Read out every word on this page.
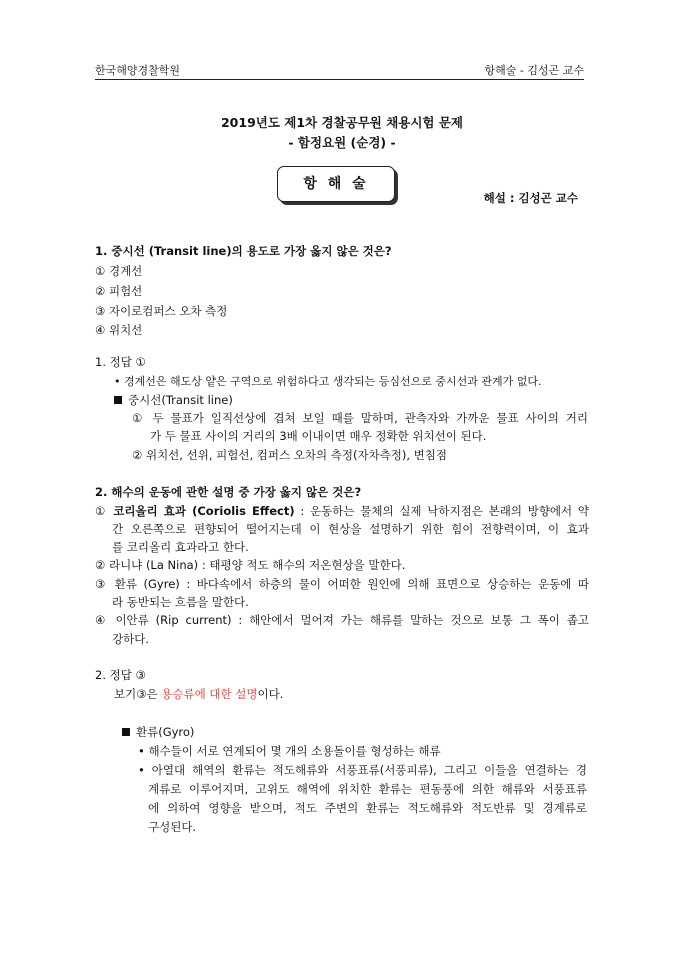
한국해양경찰학원	항해술 - 김성곤 교수
2019년도 제1차 경찰공무원 채용시험 문제
- 함정요원 (순경) -
항 해 술
해설 : 김성곤 교수
1. 중시선 (Transit line)의 용도로 가장 옳지 않은 것은?
① 경계선
② 피험선
③ 자이로컴퍼스 오차 측정
④ 위치선
1. 정답 ①
• 경계선은 해도상 얕은 구역으로 위험하다고 생각되는 등심선으로 중시선과 관계가 없다.
중시선(Transit line)
① 두 물표가 일직선상에 겹쳐 보일 때를 말하며, 관측자와 가까운 물표 사이의 거리
가 두 물표 사이의 거리의 3배 이내이면 매우 정확한 위치선이 된다.
② 위치선, 선위, 피험선, 컴퍼스 오차의 측정(자차측정), 변침점
2. 해수의 운동에 관한 설명 중 가장 옳지 않은 것은?
① 코리올리 효과 (Coriolis Effect) : 운동하는 물체의 실제 낙하지점은 본래의 방향에서 약
간 오른쪽으로 편향되어 떨어지는데 이 현상을 설명하기 위한 힘이 전향력이며, 이 효과
를 코리올리 효과라고 한다.
② 라니냐 (La Nina) : 태평양 적도 해수의 저온현상을 말한다.
③ 환류 (Gyre) : 바다속에서 하층의 물이 어떠한 원인에 의해 표면으로 상승하는 운동에 따
라 동반되는 흐름을 말한다.
④ 이안류 (Rip current) : 해안에서 멀어져 가는 해류를 말하는 것으로 보통 그 폭이 좁고
강하다.
2. 정답 ③
보기③은 용승류에 대한 설명이다.
환류(Gyro)
• 해수들이 서로 연계되어 몇 개의 소용돌이를 형성하는 해류
• 아열대 해역의 환류는 적도해류와 서풍표류(서풍피류), 그리고 이들을 연결하는 경
계류로 이루어지며, 고위도 해역에 위치한 환류는 편동풍에 의한 해류와 서풍표류
에 의하여 영향을 받으며, 적도 주변의 환류는 적도해류와 적도반류 및 경계류로
구성된다.
